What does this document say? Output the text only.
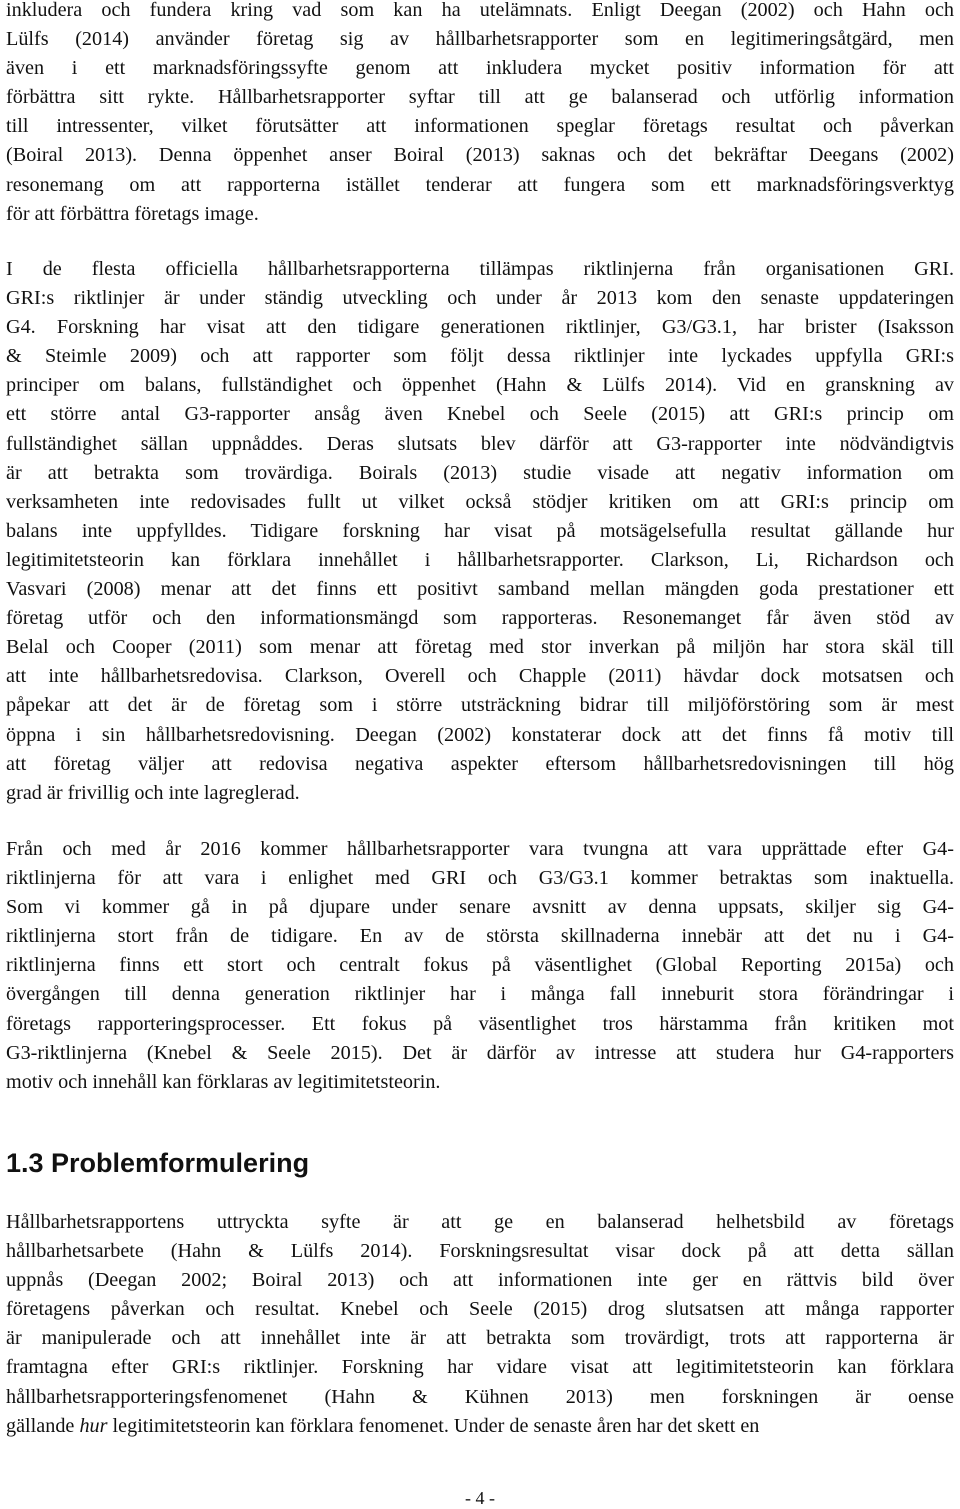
inkludera och fundera kring vad som kan ha utelämnats. Enligt Deegan (2002) och Hahn och
Lülfs (2014) använder företag sig av hållbarhetsrapporter som en legitimeringsåtgärd, men
även i ett marknadsföringssyfte genom att inkludera mycket positiv information för att
förbättra sitt rykte. Hållbarhetsrapporter syftar till att ge balanserad och utförlig information
till intressenter, vilket förutsätter att informationen speglar företags resultat och påverkan
(Boiral 2013). Denna öppenhet anser Boiral (2013) saknas och det bekräftar Deegans (2002)
resonemang om att rapporterna istället tenderar att fungera som ett marknadsföringsverktyg
för att förbättra företags image.
I de flesta officiella hållbarhetsrapporterna tillämpas riktlinjerna från organisationen GRI.
GRI:s riktlinjer är under ständig utveckling och under år 2013 kom den senaste uppdateringen
G4. Forskning har visat att den tidigare generationen riktlinjer, G3/G3.1, har brister (Isaksson
& Steimle 2009) och att rapporter som följt dessa riktlinjer inte lyckades uppfylla GRI:s
principer om balans, fullständighet och öppenhet (Hahn & Lülfs 2014). Vid en granskning av
ett större antal G3-rapporter ansåg även Knebel och Seele (2015) att GRI:s princip om
fullständighet sällan uppnåddes. Deras slutsats blev därför att G3-rapporter inte nödvändigtvis
är att betrakta som trovärdiga. Boirals (2013) studie visade att negativ information om
verksamheten inte redovisades fullt ut vilket också stödjer kritiken om att GRI:s princip om
balans inte uppfylldes. Tidigare forskning har visat på motsägelsefulla resultat gällande hur
legitimitetsteorin kan förklara innehållet i hållbarhetsrapporter. Clarkson, Li, Richardson och
Vasvari (2008) menar att det finns ett positivt samband mellan mängden goda prestationer ett
företag utför och den informationsmängd som rapporteras. Resonemanget får även stöd av
Belal och Cooper (2011) som menar att företag med stor inverkan på miljön har stora skäl till
att inte hållbarhetsredovisa. Clarkson, Overell och Chapple (2011) hävdar dock motsatsen och
påpekar att det är de företag som i större utsträckning bidrar till miljöförstöring som är mest
öppna i sin hållbarhetsredovisning. Deegan (2002) konstaterar dock att det finns få motiv till
att företag väljer att redovisa negativa aspekter eftersom hållbarhetsredovisningen till hög
grad är frivillig och inte lagreglerad.
Från och med år 2016 kommer hållbarhetsrapporter vara tvungna att vara upprättade efter G4-
riktlinjerna för att vara i enlighet med GRI och G3/G3.1 kommer betraktas som inaktuella.
Som vi kommer gå in på djupare under senare avsnitt av denna uppsats, skiljer sig G4-
riktlinjerna stort från de tidigare. En av de största skillnaderna innebär att det nu i G4-
riktlinjerna finns ett stort och centralt fokus på väsentlighet (Global Reporting 2015a) och
övergången till denna generation riktlinjer har i många fall inneburit stora förändringar i
företags rapporteringsprocesser. Ett fokus på väsentlighet tros härstamma från kritiken mot
G3-riktlinjerna (Knebel & Seele 2015). Det är därför av intresse att studera hur G4-rapporters
motiv och innehåll kan förklaras av legitimitetsteorin.
1.3 Problemformulering
Hållbarhetsrapportens uttryckta syfte är att ge en balanserad helhetsbild av företags
hållbarhetsarbete (Hahn & Lülfs 2014). Forskningsresultat visar dock på att detta sällan
uppnås (Deegan 2002; Boiral 2013) och att informationen inte ger en rättvis bild över
företagens påverkan och resultat. Knebel och Seele (2015) drog slutsatsen att många rapporter
är manipulerade och att innehållet inte är att betrakta som trovärdigt, trots att rapporterna är
framtagna efter GRI:s riktlinjer. Forskning har vidare visat att legitimitetsteorin kan förklara
hållbarhetsrapporteringsfenomenet (Hahn & Kühnen 2013) men forskningen är oense
gällande hur legitimitetsteorin kan förklara fenomenet. Under de senaste åren har det skett en
- 4 -
